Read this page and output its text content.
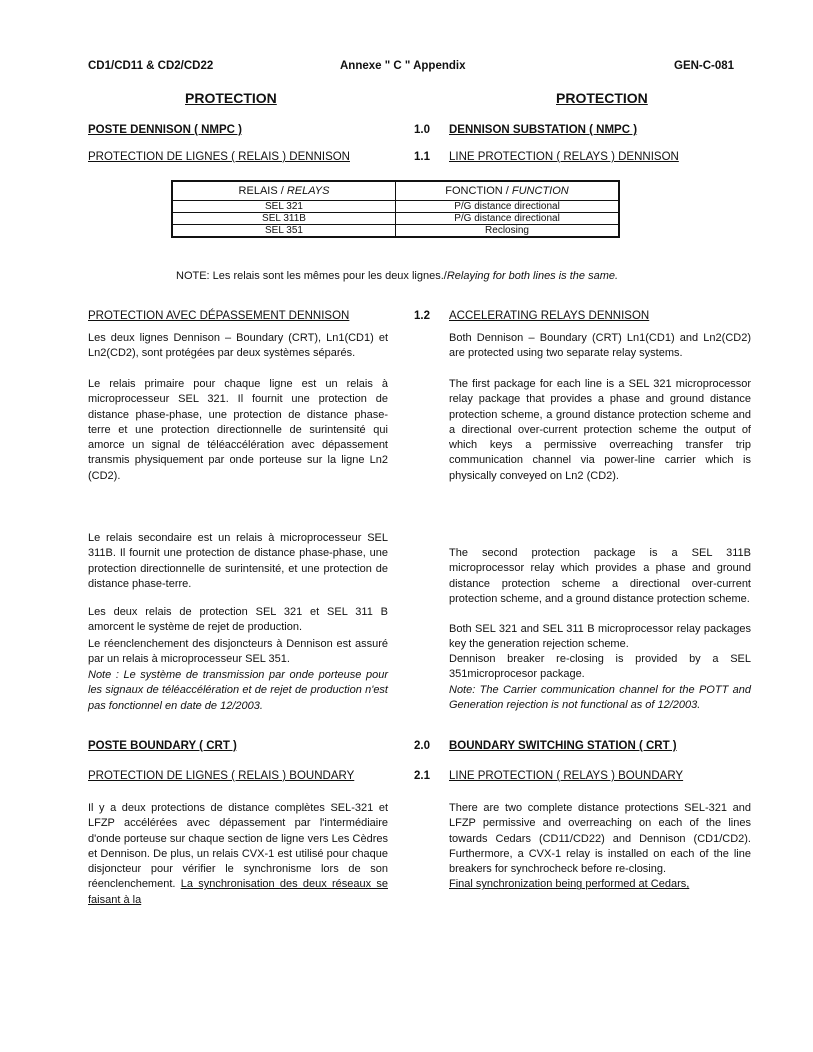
CD1/CD11 & CD2/CD22	Annexe " C " Appendix	GEN-C-081
PROTECTION	PROTECTION
POSTE DENNISON ( NMPC )	1.0 DENNISON SUBSTATION ( NMPC )
PROTECTION DE LIGNES ( RELAIS ) DENNISON	1.1 LINE PROTECTION ( RELAYS ) DENNISON
RELAIS / RELAYS	FONCTION / FUNCTION
SEL 321	P/G distance directional
SEL 311B	P/G distance directional
SEL 351	Reclosing
NOTE: Les relais sont les mêmes pour les deux lignes./Relaying for both lines is the same.
PROTECTION AVEC DÉPASSEMENT DENNISON	1.2 ACCELERATING RELAYS DENNISON

Les deux lignes Dennison – Boundary (CRT), Ln1(CD1) et Ln2(CD2), sont protégées par deux systèmes séparés.

Le relais primaire pour chaque ligne est un relais à microprocesseur SEL 321. Il fournit une protection de distance phase-phase, une protection de distance phase-terre et une protection directionnelle de surintensité qui amorce un signal de téléaccélération avec dépassement transmis physiquement par onde porteuse sur la ligne Ln2 (CD2).

Le relais secondaire est un relais à microprocesseur SEL 311B. Il fournit une protection de distance phase-phase, une protection directionnelle de surintensité, et une protection de distance phase-terre.

Les deux relais de protection SEL 321 et SEL 311 B amorcent le système de rejet de production.

Le réenclenchement des disjoncteurs à Dennison est assuré par un relais à microprocesseur SEL 351.

Note : Le système de transmission par onde porteuse pour les signaux de téléaccélération et de rejet de production n'est pas fonctionnel en date de 12/2003.

Both Dennison – Boundary (CRT) Ln1(CD1) and Ln2(CD2) are protected using two separate relay systems.

The first package for each line is a SEL 321 microprocessor relay package that provides a phase and ground distance protection scheme, a ground distance protection scheme and a directional over-current protection scheme the output of which keys a permissive overreaching transfer trip communication channel via power-line carrier which is physically conveyed on Ln2 (CD2).

The second protection package is a SEL 311B microprocessor relay which provides a phase and ground distance protection scheme a directional over-current protection scheme, and a ground distance protection scheme.

Both SEL 321 and SEL 311 B microprocessor relay packages key the generation rejection scheme.

Dennison breaker re-closing is provided by a SEL 351microprocesor package.

Note: The Carrier communication channel for the POTT and Generation rejection is not functional as of 12/2003.

POSTE BOUNDARY ( CRT )	2.0 BOUNDARY SWITCHING STATION ( CRT )
PROTECTION DE LIGNES ( RELAIS ) BOUNDARY	2.1 LINE PROTECTION ( RELAYS ) BOUNDARY

Il y a deux protections de distance complètes SEL-321 et LFZP accélérées avec dépassement par l'intermédiaire d'onde porteuse sur chaque section de ligne vers Les Cèdres et Dennison. De plus, un relais CVX-1 est utilisé pour chaque disjoncteur pour vérifier le synchronisme lors de son réenclenchement. La synchronisation des deux réseaux se faisant à la

There are two complete distance protections SEL-321 and LFZP permissive and overreaching on each of the lines towards Cedars (CD11/CD22) and Dennison (CD1/CD2). Furthermore, a CVX-1 relay is installed on each of the line breakers for synchrocheck before re-closing.
Final synchronization being performed at Cedars,
